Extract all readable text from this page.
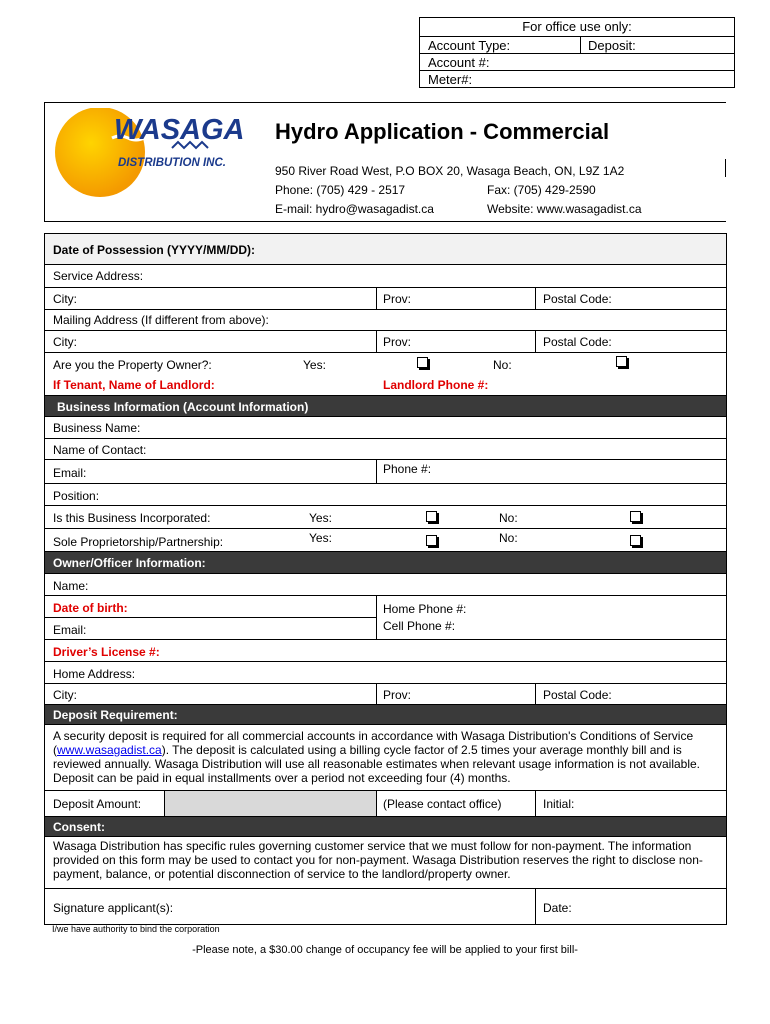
For office use only:
Account Type:	Deposit:
Account #:
Meter#:
WASAGA
DISTRIBUTION INC.
Hydro Application - Commercial
950 River Road West, P.O BOX 20, Wasaga Beach, ON, L9Z 1A2
Phone: (705) 429 - 2517	Fax: (705) 429-2590
E-mail: hydro@wasagadist.ca	Website: www.wasagadist.ca
Date of Possession (YYYY/MM/DD):
Service Address:
City:	Prov:	Postal Code:
Mailing Address (If different from above):
City:	Prov:	Postal Code:
Are you the Property Owner?:	Yes:	No:
If Tenant, Name of Landlord:	Landlord Phone #:
Business Information (Account Information)
Business Name:
Name of Contact:
Email:	Phone #:
Position:
Is this Business Incorporated:	Yes:	No:
Sole Proprietorship/Partnership:	Yes:	No:
Owner/Officer Information:
Name:
Date of birth:	Home Phone #:
Email:	Cell Phone #:
Driver’s License #:
Home Address:
City:	Prov:	Postal Code:
Deposit Requirement:
A security deposit is required for all commercial accounts in accordance with Wasaga Distribution's Conditions of Service (www.wasagadist.ca). The deposit is calculated using a billing cycle factor of 2.5 times your average monthly bill and is reviewed annually. Wasaga Distribution will use all reasonable estimates when relevant usage information is not available. Deposit can be paid in equal installments over a period not exceeding four (4) months.
Deposit Amount:	(Please contact office)	Initial:
Consent:
Wasaga Distribution has specific rules governing customer service that we must follow for non-payment. The information provided on this form may be used to contact you for non-payment. Wasaga Distribution reserves the right to disclose non-payment, balance, or potential disconnection of service to the landlord/property owner.
Signature applicant(s):	Date:
I/we have authority to bind the corporation
-Please note, a $30.00 change of occupancy fee will be applied to your first bill-
